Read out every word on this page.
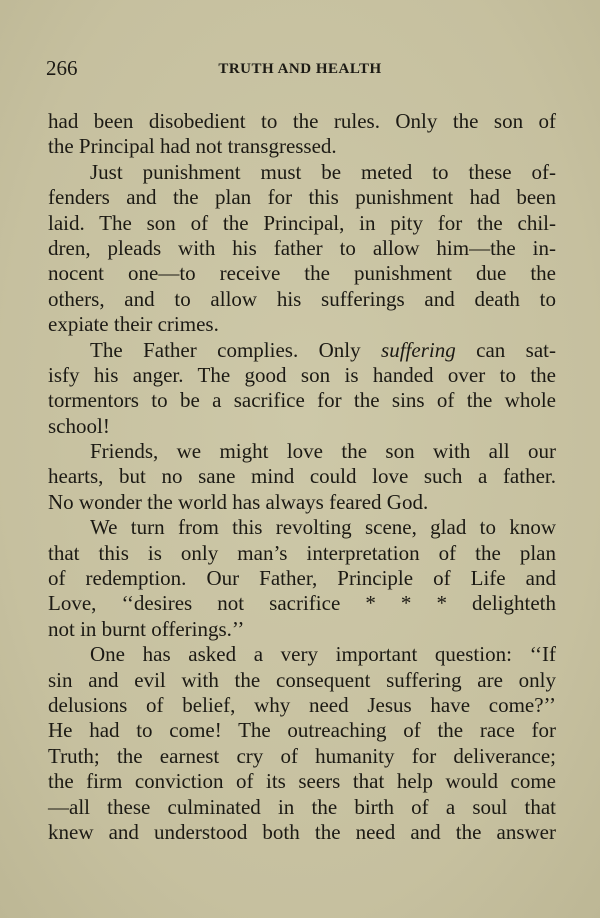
266	TRUTH AND HEALTH
had been disobedient to the rules. Only the son of
the Principal had not transgressed.
Just punishment must be meted to these of-
fenders and the plan for this punishment had been
laid. The son of the Principal, in pity for the chil-
dren, pleads with his father to allow him—the in-
nocent one—to receive the punishment due the
others, and to allow his sufferings and death to
expiate their crimes.
The Father complies. Only suffering can sat-
isfy his anger. The good son is handed over to the
tormentors to be a sacrifice for the sins of the whole
school!
Friends, we might love the son with all our
hearts, but no sane mind could love such a father.
No wonder the world has always feared God.
We turn from this revolting scene, glad to know
that this is only man’s interpretation of the plan
of redemption. Our Father, Principle of Life and
Love, ‘‘desires not sacrifice * * * delighteth
not in burnt offerings.’’
One has asked a very important question: ‘‘If
sin and evil with the consequent suffering are only
delusions of belief, why need Jesus have come?’’
He had to come! The outreaching of the race for
Truth; the earnest cry of humanity for deliverance;
the firm conviction of its seers that help would come
—all these culminated in the birth of a soul that
knew and understood both the need and the answer
